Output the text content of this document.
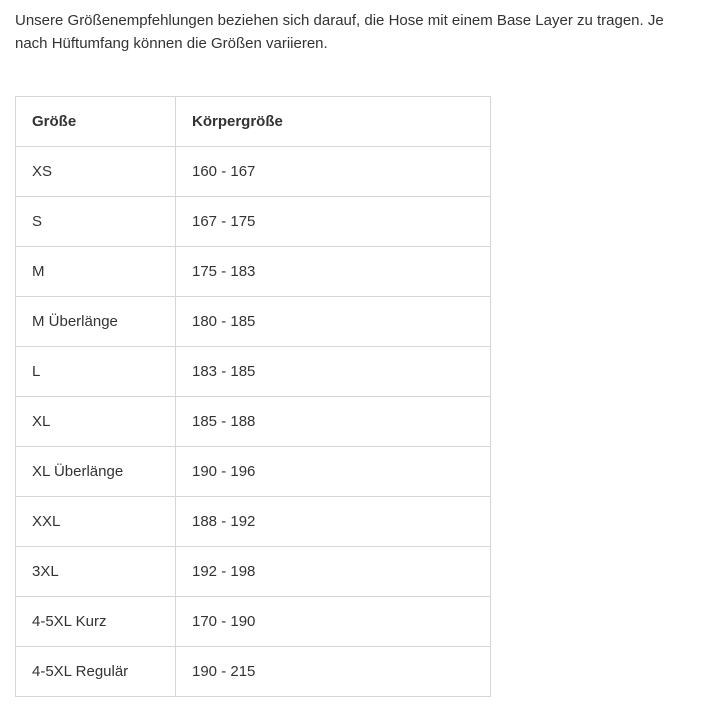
Unsere Größenempfehlungen beziehen sich darauf, die Hose mit einem Base Layer zu tragen. Je nach Hüftumfang können die Größen variieren.

Größe	Körpergröße
XS	160 - 167
S	167 - 175
M	175 - 183
M Überlänge	180 - 185
L	183 - 185
XL	185 - 188
XL Überlänge	190 - 196
XXL	188 - 192
3XL	192 - 198
4-5XL Kurz	170 - 190
4-5XL Regulär	190 - 215
